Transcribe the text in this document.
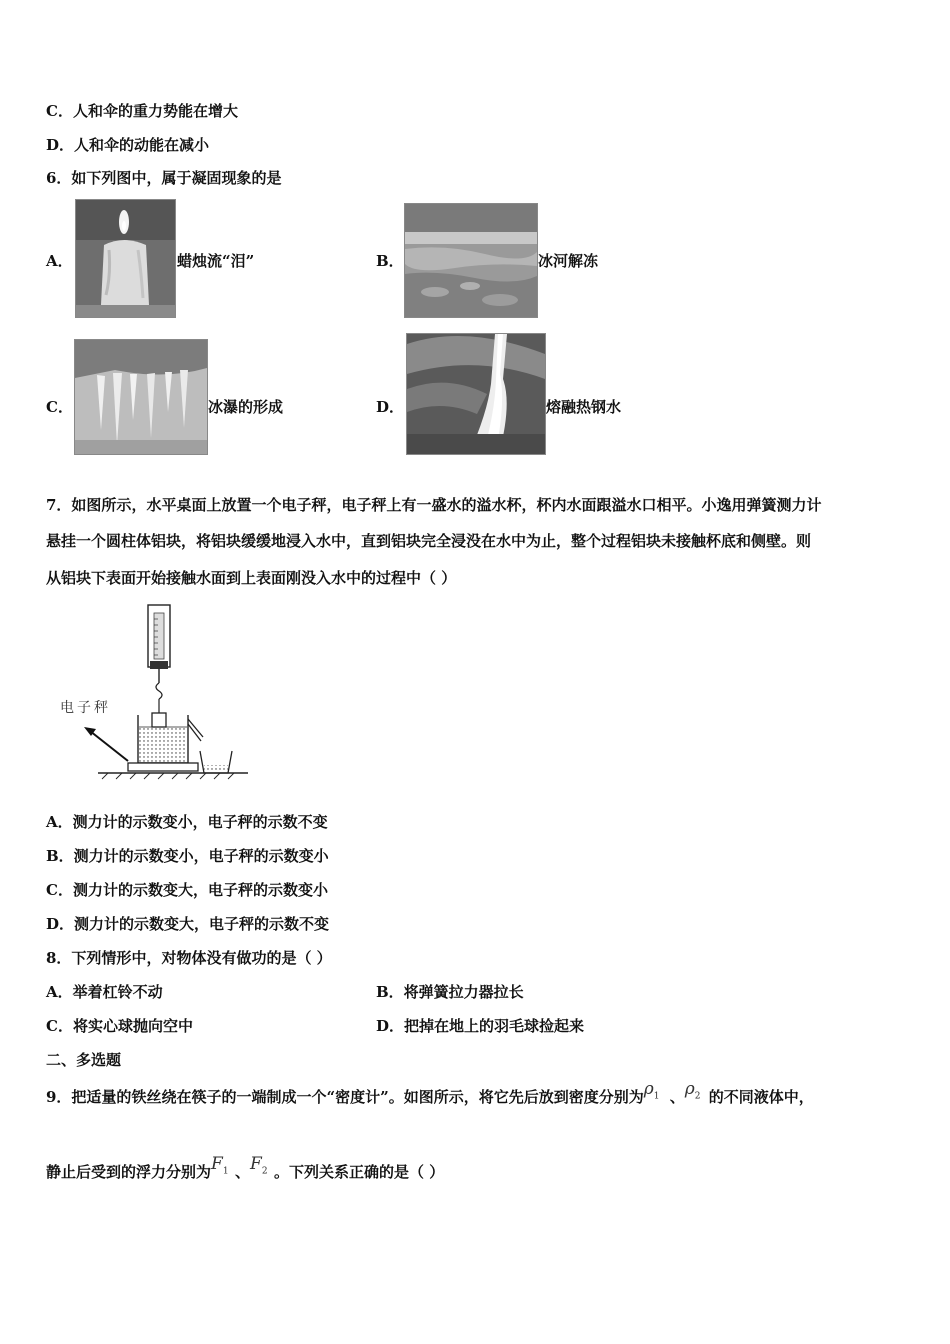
C．人和伞的重力势能在增大
D．人和伞的动能在减小
6．如下列图中，属于凝固现象的是
A．	蜡烛流“泪”	B．	冰河解冻
C．	冰瀑的形成	D．	熔融热钢水
7．如图所示，水平桌面上放置一个电子秤，电子秤上有一盛水的溢水杯，杯内水面跟溢水口相平。小逸用弹簧测力计
悬挂一个圆柱体铝块，将铝块缓缓地浸入水中，直到铝块完全浸没在水中为止，整个过程铝块未接触杯底和侧壁。则
从铝块下表面开始接触水面到上表面刚没入水中的过程中（ ）
电子秤
A．测力计的示数变小，电子秤的示数不变
B．测力计的示数变小，电子秤的示数变小
C．测力计的示数变大，电子秤的示数变小
D．测力计的示数变大，电子秤的示数不变
8．下列情形中，对物体没有做功的是（ ）
A．举着杠铃不动	B．将弹簧拉力器拉长
C．将实心球抛向空中	D．把掉在地上的羽毛球捡起来
二、多选题
9．把适量的铁丝绕在筷子的一端制成一个“密度计”。如图所示，将它先后放到密度分别为$\rho_1$ 、$\rho_2$ 的不同液体中，
静止后受到的浮力分别为$F_1$ 、$F_2$ 。下列关系正确的是（ ）
